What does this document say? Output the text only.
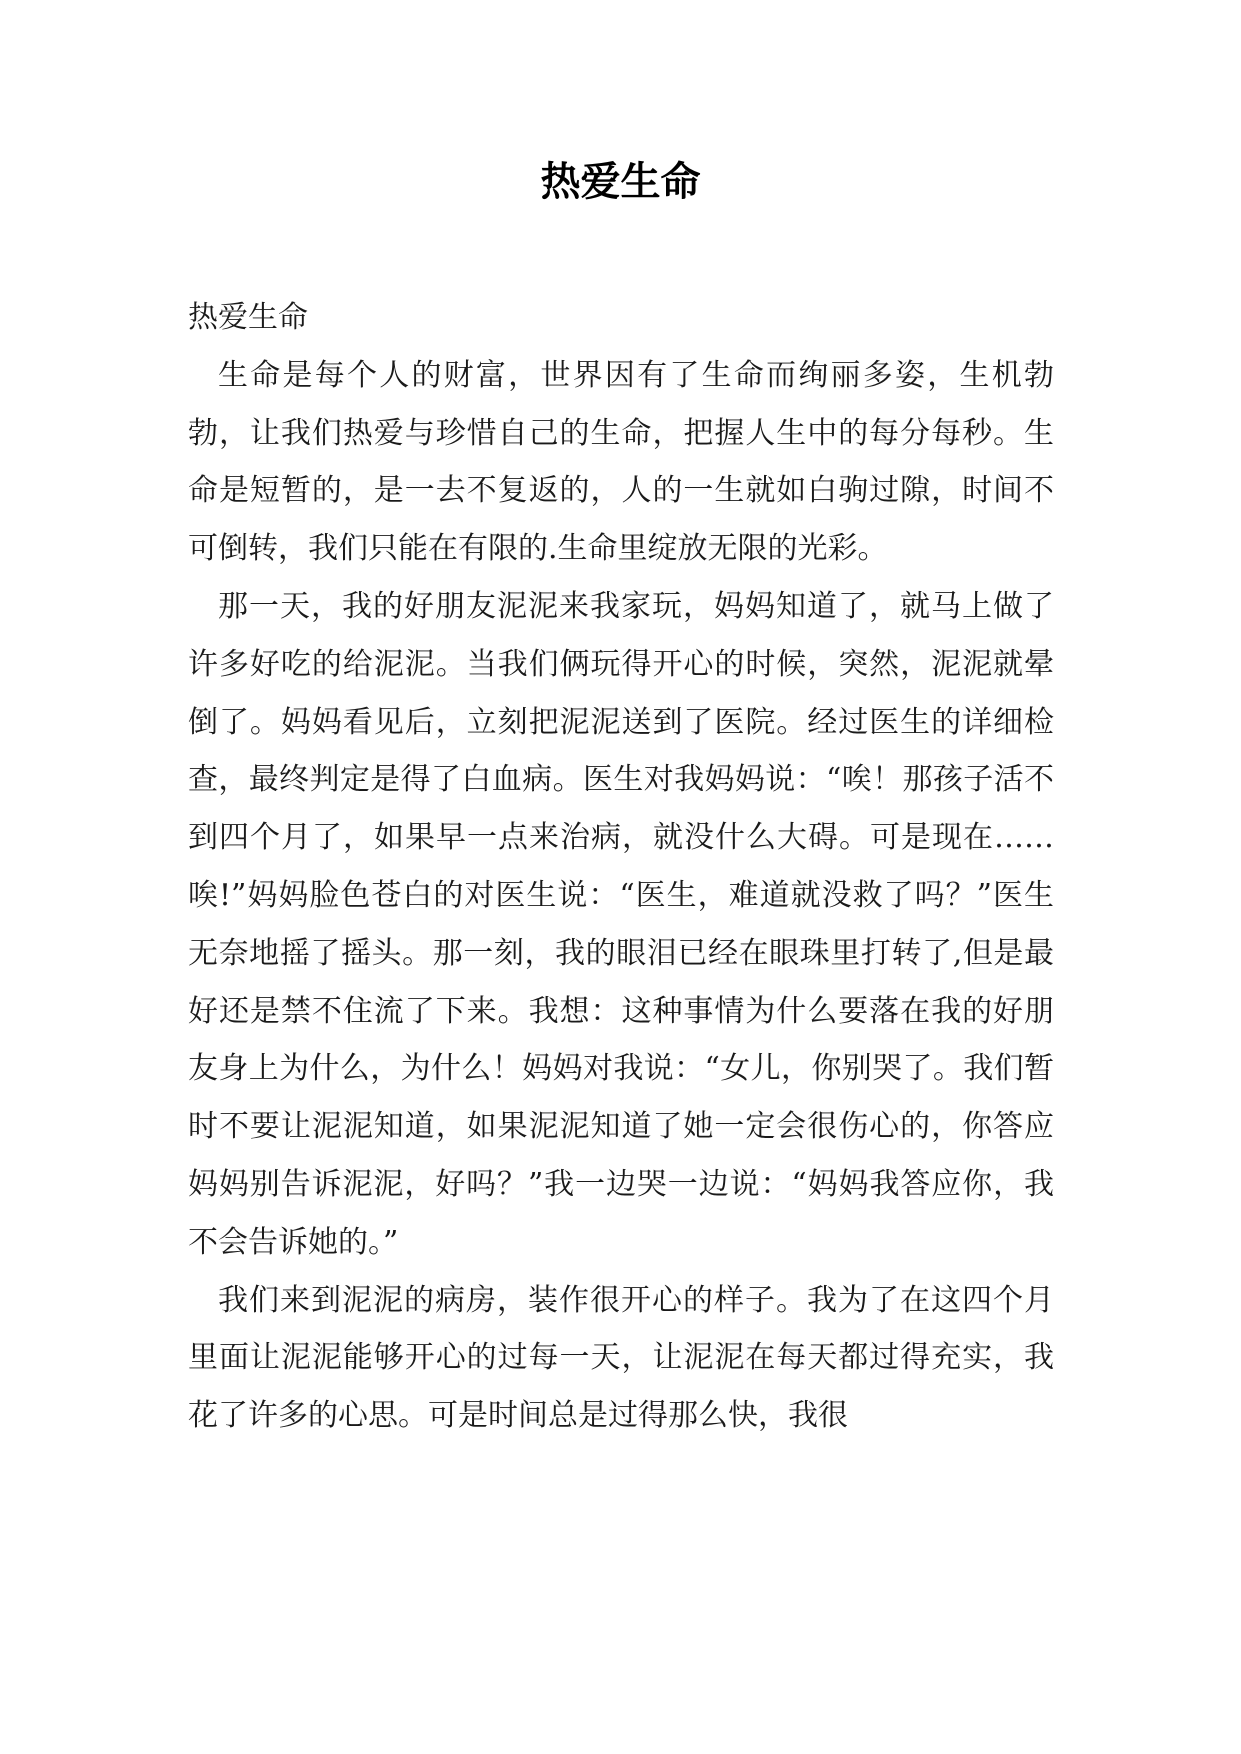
热爱生命

热爱生命

生命是每个人的财富，世界因有了生命而绚丽多姿，生机勃勃，让我们热爱与珍惜自己的生命，把握人生中的每分每秒。生命是短暂的，是一去不复返的，人的一生就如白驹过隙，时间不可倒转，我们只能在有限的.生命里绽放无限的光彩。

那一天，我的好朋友泥泥来我家玩，妈妈知道了，就马上做了许多好吃的给泥泥。当我们俩玩得开心的时候，突然，泥泥就晕倒了。妈妈看见后，立刻把泥泥送到了医院。经过医生的详细检查，最终判定是得了白血病。医生对我妈妈说：“唉！那孩子活不到四个月了，如果早一点来治病，就没什么大碍。可是现在……唉!”妈妈脸色苍白的对医生说：“医生，难道就没救了吗？”医生无奈地摇了摇头。那一刻，我的眼泪已经在眼珠里打转了,但是最好还是禁不住流了下来。我想：这种事情为什么要落在我的好朋友身上为什么，为什么！妈妈对我说：“女儿，你别哭了。我们暂时不要让泥泥知道，如果泥泥知道了她一定会很伤心的，你答应妈妈别告诉泥泥，好吗？”我一边哭一边说：“妈妈我答应你，我不会告诉她的。”

我们来到泥泥的病房，装作很开心的样子。我为了在这四个月里面让泥泥能够开心的过每一天，让泥泥在每天都过得充实，我花了许多的心思。可是时间总是过得那么快，我很
